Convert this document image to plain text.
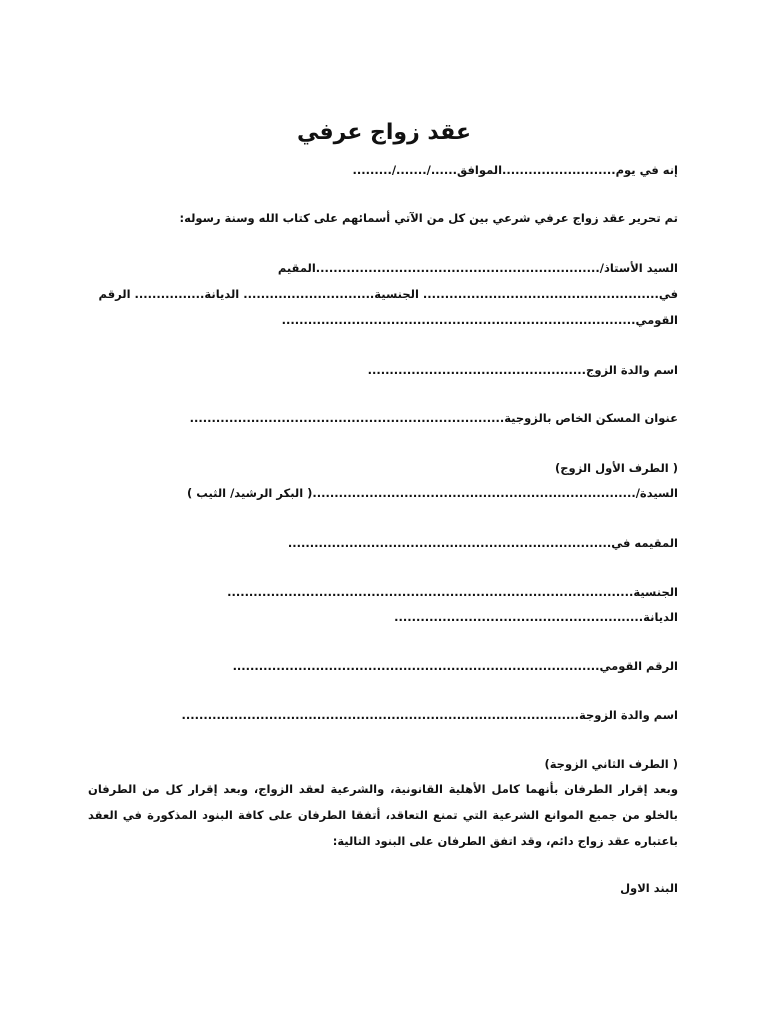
عقد زواج عرفي
إنه في يوم..........................الموافق....../......./.........
تم تحرير عقد زواج عرفي شرعي بين كل من الآتي أسمائهم على كتاب الله وسنة رسوله:
السيد الأستاذ/.................................................................المقيم
في...................................................... الجنسية.............................. الديانة................ الرقم
القومي.................................................................................
اسم والدة الزوج..................................................
عنوان المسكن الخاص بالزوجية........................................................................
( الطرف الأول الزوج)
السيدة/..........................................................................( البكر الرشيد/ الثيب )
المقيمه في..........................................................................
الجنسية.............................................................................................
الديانة.........................................................
الرقم القومي....................................................................................
اسم والدة الزوجة...........................................................................................
( الطرف الثاني الزوجة)
وبعد إقرار الطرفان بأنهما كامل الأهلية القانونية، والشرعية لعقد الزواج، وبعد إقرار كل من الطرفان بالخلو من جميع الموانع الشرعية التي تمنع التعاقد، أتفقا الطرفان على كافة البنود المذكورة في العقد باعتباره عقد زواج دائم، وقد اتفق الطرفان على البنود التالية:
البند الاول
